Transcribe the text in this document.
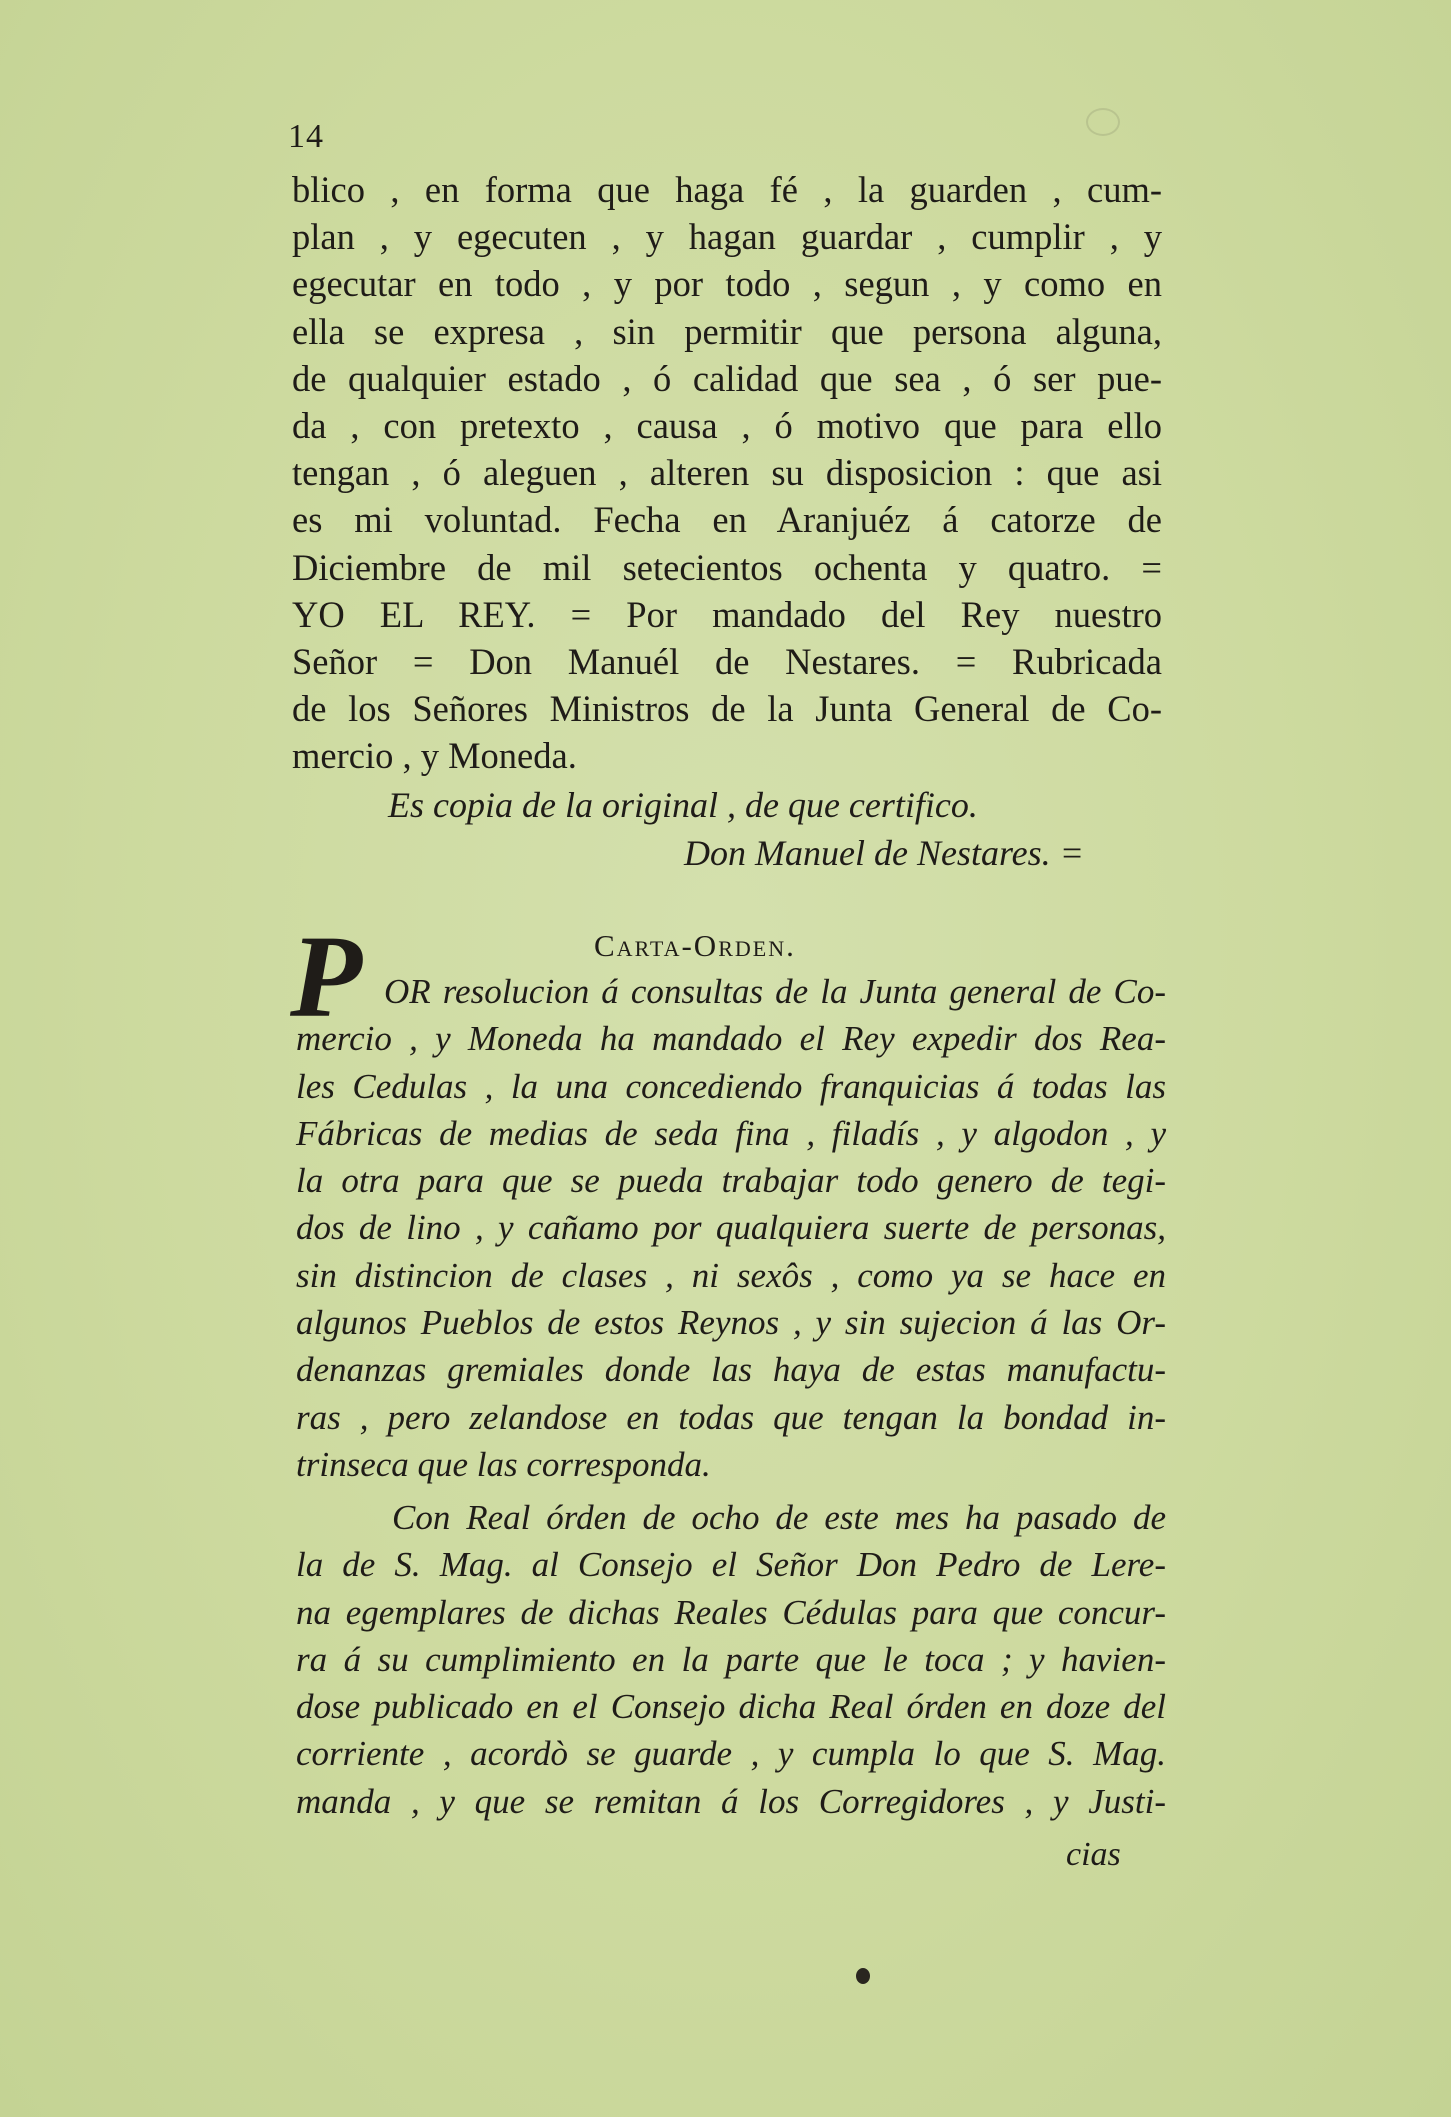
14
blico , en forma que haga fé , la guarden , cum-
plan , y egecuten , y hagan guardar , cumplir , y
egecutar en todo , y por todo , segun , y como en
ella se expresa , sin permitir que persona alguna,
de qualquier estado , ó calidad que sea , ó ser pue-
da , con pretexto , causa , ó motivo que para ello
tengan , ó aleguen , alteren su disposicion : que asi
es mi voluntad. Fecha en Aranjuéz á catorze de
Diciembre de mil setecientos ochenta y quatro. =
YO EL REY. = Por mandado del Rey nuestro
Señor = Don Manuél de Nestares. = Rubricada
de los Señores Ministros de la Junta General de Co-
mercio , y Moneda.
Es copia de la original , de que certifico.
Don Manuel de Nestares. =
Carta-Orden.
P OR resolucion á consultas de la Junta general de Co-
mercio , y Moneda ha mandado el Rey expedir dos Rea-
les Cedulas , la una concediendo franquicias á todas las
Fábricas de medias de seda fina , filadís , y algodon , y
la otra para que se pueda trabajar todo genero de tegi-
dos de lino , y cañamo por qualquiera suerte de personas,
sin distincion de clases , ni sexôs , como ya se hace en
algunos Pueblos de estos Reynos , y sin sujecion á las Or-
denanzas gremiales donde las haya de estas manufactu-
ras , pero zelandose en todas que tengan la bondad in-
trinseca que las corresponda.
Con Real órden de ocho de este mes ha pasado de
la de S. Mag. al Consejo el Señor Don Pedro de Lere-
na egemplares de dichas Reales Cédulas para que concur-
ra á su cumplimiento en la parte que le toca ; y havien-
dose publicado en el Consejo dicha Real órden en doze del
corriente , acordò se guarde , y cumpla lo que S. Mag.
manda , y que se remitan á los Corregidores , y Justi-
cias
